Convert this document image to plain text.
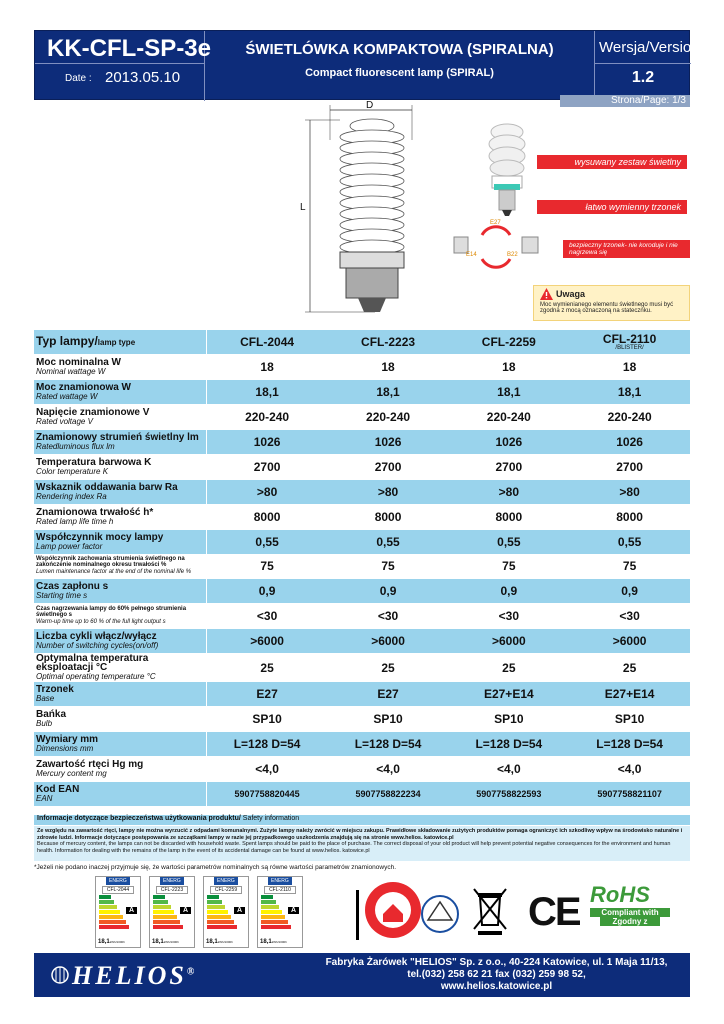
KK-CFL-SP-3e
Date : 2013.05.10
ŚWIETLÓWKA KOMPAKTOWA (SPIRALNA)
Compact fluorescent lamp (SPIRAL)
Wersja/Version:
1.2
Strona/Page: 1/3
D
L
wysuwany zestaw świetlny
łatwo wymienny trzonek
bezpieczny trzonek- nie koroduje i nie nagrzewa się
E27
E14	B22
Uwaga
Moc wymienianego elementu świetlnego musi być zgodna z mocą oznaczoną na statecznku.
Typ lampy/lamp type	CFL-2044	CFL-2223	CFL-2259	CFL-2110
/BLISTER/

Moc nominalna W
Nominal wattage W	18	18	18	18

Moc znamionowa W
Rated wattage W	18,1	18,1	18,1	18,1

Napięcie znamionowe V
Rated voltage V	220-240	220-240	220-240	220-240

Znamionowy strumień świetlny lm
Ratedluminous flux lm	1026	1026	1026	1026

Temperatura barwowa K
Color temperature K	2700	2700	2700	2700

Wskaznik oddawania barw Ra
Rendering index Ra	>80	>80	>80	>80

Znamionowa trwałość h*
Rated lamp life time h	8000	8000	8000	8000

Współczynnik mocy lampy
Lamp power factor	0,55	0,55	0,55	0,55

Współczynnik zachowania strumienia świetlnego na zakończenie nominalnego okresu trwałości %
Lumen maintenance factor at the end of the nominal life %	75	75	75	75

Czas zapłonu s
Starting time s	0,9	0,9	0,9	0,9

Czas nagrzewania lampy do 60% pełnego strumienia świetlnego s
Warm-up time up to 60 % of the full light output s	<30	<30	<30	<30

Liczba cykli włącz/wyłącz
Number of switching cycles(on/off)	>6000	>6000	>6000	>6000

Optymalna temperatura eksploatacji °C
Optimal operating temperature °C	25	25	25	25

Trzonek
Base	E27	E27	E27+E14	E27+E14

Bańka
Bulb	SP10	SP10	SP10	SP10

Wymiary mm
Dimensions mm	L=128 D=54	L=128 D=54	L=128 D=54	L=128 D=54

Zawartość rtęci Hg mg
Mercury content mg	<4,0	<4,0	<4,0	<4,0

Kod EAN
EAN	5907758820445	5907758822234	5907758822593	5907758821107
Informacje dotyczące bezpieczeństwa użytkowania produktu/ Safety information
Ze względu na zawartość rtęci, lampy nie można wyrzucić z odpadami komunalnymi. Zużyte lampy należy zwrócić w miejscu zakupu. Prawidłowe składowanie zużytych produktów pomaga ograniczyć ich szkodliwy wpływ na środowisko naturalne i zdrowie ludzi. Informacje dotyczące postępowania ze szczątkami lampy w razie jej przypadkowego uszkodzenia znajdują się na stronie www.helios. katowice.pl
Because of mercury content, the lamps can not be discarded with household waste. Spent lamps should be paid to the place of purchase. The correct disposal of your old product will help prevent potential negative consequences for the environment and human health. Information for dealing with the remains of the lamp in the event of its accidental damage can be found at www.helios. katowice.pl
*Jeżeli nie podano inaczej przyjmuje się, że wartości parametrów nominalnych są równe wartości parametrów znamionowych.
ENERG
CFL-2044
A
18,1kWh/1000h
ENERG
CFL-2223
A
18,1kWh/1000h
ENERG
CFL-2259
A
18,1kWh/1000h
ENERG
CFL-2110
A
18,1kWh/1000h
CE RoHS
Compliant with
Zgodny z
HELIOS®
Fabryka Żarówek "HELIOS" Sp. z o.o., 40-224 Katowice, ul. 1 Maja 11/13,
tel.(032) 258 62 21 fax (032) 259 98 52,
www.helios.katowice.pl
